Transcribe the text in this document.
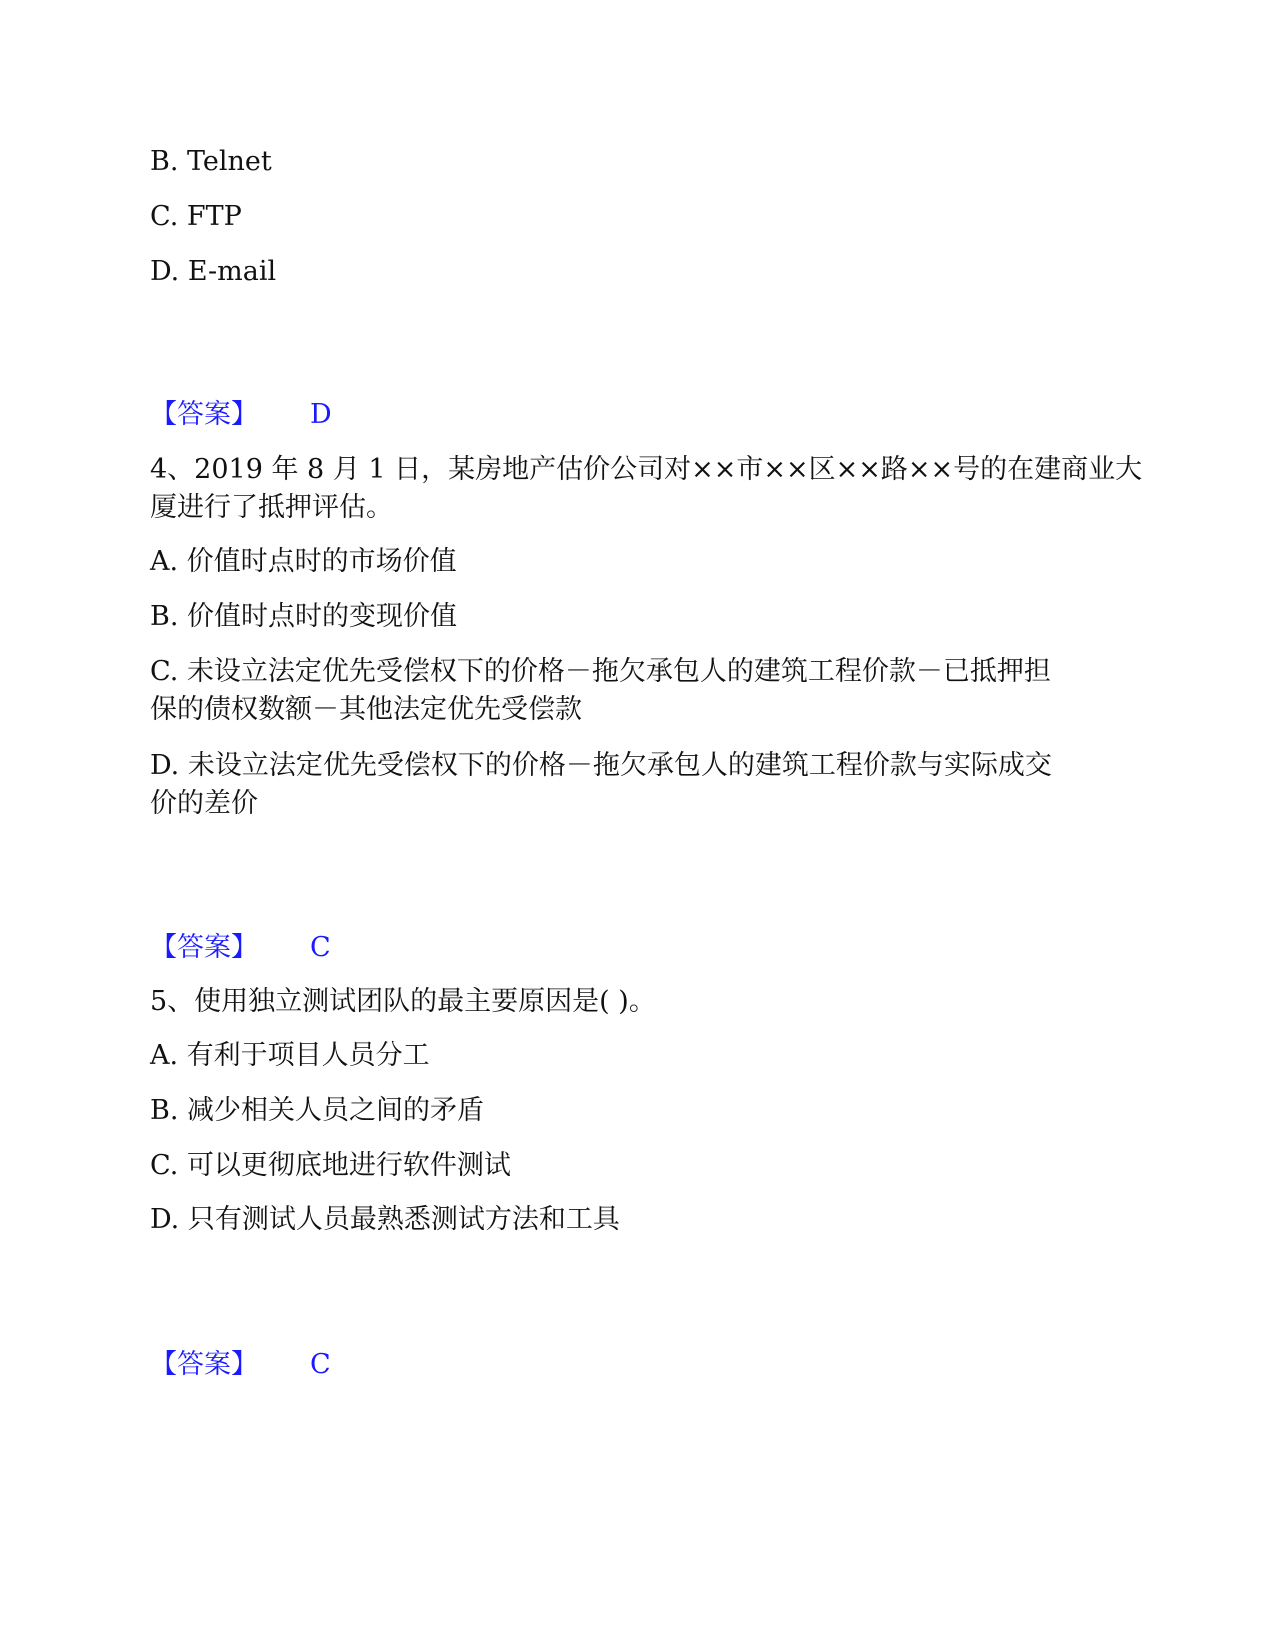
B. Telnet
C. FTP
D. E-mail
【答案】 D
4、2019 年 8 月 1 日，某房地产估价公司对××市××区××路××号的在建商业大
厦进行了抵押评估。
A. 价值时点时的市场价值
B. 价值时点时的变现价值
C. 未设立法定优先受偿权下的价格－拖欠承包人的建筑工程价款－已抵押担
保的债权数额－其他法定优先受偿款
D. 未设立法定优先受偿权下的价格－拖欠承包人的建筑工程价款与实际成交
价的差价
【答案】 C
5、使用独立测试团队的最主要原因是( )。
A. 有利于项目人员分工
B. 减少相关人员之间的矛盾
C. 可以更彻底地进行软件测试
D. 只有测试人员最熟悉测试方法和工具
【答案】 C
